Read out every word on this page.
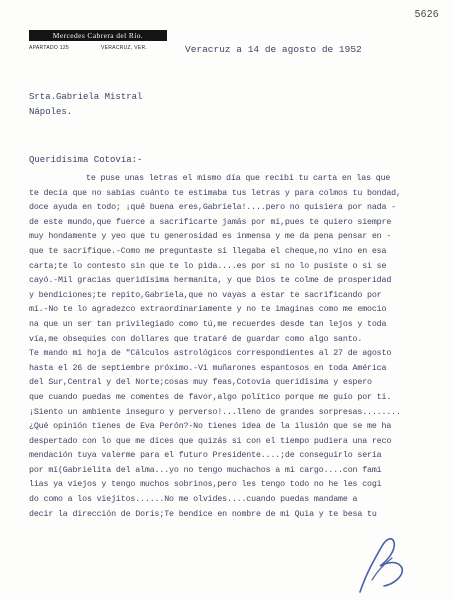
5626
Mercedes Cabrera del Río.
APARTADO 125	VERACRUZ, VER.	Veracruz a 14 de agosto de 1952
Srta.Gabriela Mistral
Nápoles.
Queridísima Cotovía:-
te puse unas letras el mismo día que recibí tu carta en las que
te decía que no sabías cuánto te estimaba tus letras y para colmos tu bondad,
doce ayuda en todo; ¡qué buena eres,Gabriela!....pero no quisiera por nada -
de este mundo,que fuerce a sacrificarte jamás por mí,pues te quiero siempre
muy hondamente y yeo que tu generosidad es inmensa y me da pena pensar en -
que te sacrifique.-Como me preguntaste si llegaba el cheque,no vino en esa
carta;te lo contesto sin que te lo pida....es por si no lo pusiste o si se
cayó.-Mil gracias queridísima hermanita, y que Dios te colme de prosperidad
y bendiciones;te repito,Gabriela,que no vayas a estar te sacrificando por
mí.-No te lo agradezco extraordinariamente y no te imaginas como me emocio
na que un ser tan privilegiado como tú,me recuerdes desde tan lejos y toda
vía,me obsequies con dollares que trataré de guardar como algo santo.
Te mando mi hoja de "Cálculos astrológicos correspondientes al 27 de agosto
hasta el 26 de septiembre próximo.-Vi muñarones espantosos en toda América
del Sur,Central y del Norte;cosas muy feas,Cotovía queridísima y espero
que cuando puedas me comentes de favor,algo político porque me guío por tí.
¡Siento un ambiente inseguro y perverso!...lleno de grandes sorpresas........
¿Qué opinión tienes de Eva Perón?-No tienes idea de la ilusión que se me ha
despertado con lo que me dices que quizás si con el tiempo pudiera una reco
mendación tuya valerme para el futuro Presidente....;de conseguirlo sería
por mí(Gabrielita del alma...yo no tengo muchachos a mi cargo....con fami
lias ya viejos y tengo muchos sobrinos,pero les tengo todo no he les cogi
do como a los viejitos......No me olvides....cuando puedas mandame a
decir la dirección de Doris;Te bendice en nombre de mi Quia y te besa tu
